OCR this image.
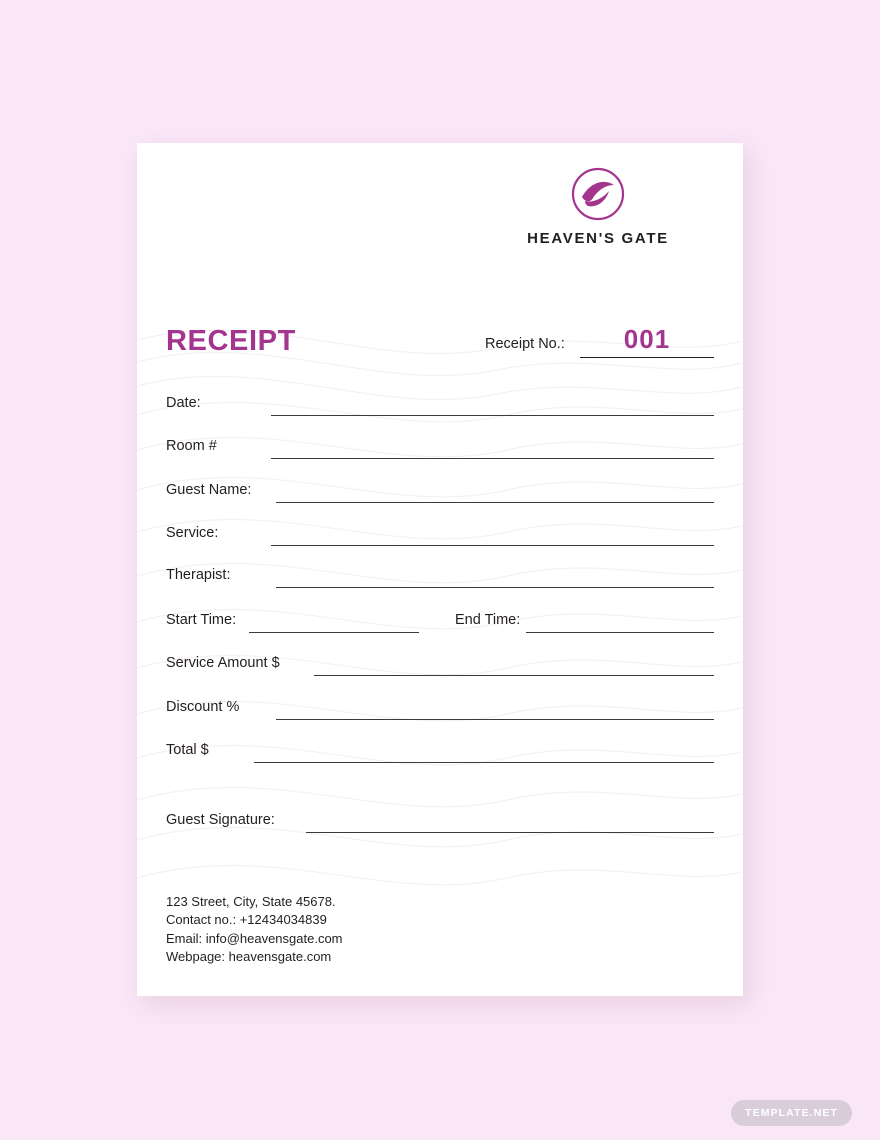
HEAVEN'S GATE
RECEIPT	Receipt No.:	001
Date:
Room #
Guest Name:
Service:
Therapist:
Start Time:	End Time:
Service Amount $
Discount %
Total $
Guest Signature:
123 Street, City, State 45678.
Contact no.: +12434034839
Email: info@heavensgate.com
Webpage: heavensgate.com
TEMPLATE.NET
